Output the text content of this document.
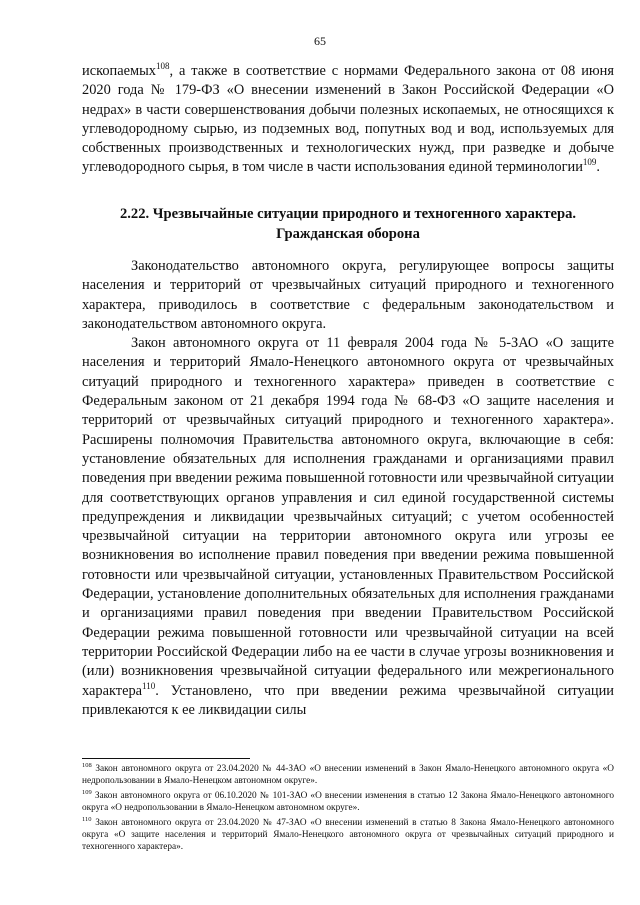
65

ископаемых$^{108}$, а также в соответствие с нормами Федерального закона от 08 июня 2020 года № 179-ФЗ «О внесении изменений в Закон Российской Федерации «О недрах» в части совершенствования добычи полезных ископаемых, не относящихся к углеводородному сырью, из подземных вод, попутных вод и вод, используемых для собственных производственных и технологических нужд, при разведке и добыче углеводородного сырья, в том числе в части использования единой терминологии$^{109}$.

2.22. Чрезвычайные ситуации природного и техногенного характера.
Гражданская оборона

Законодательство автономного округа, регулирующее вопросы защиты населения и территорий от чрезвычайных ситуаций природного и техногенного характера, приводилось в соответствие с федеральным законодательством и законодательством автономного округа.

Закон автономного округа от 11 февраля 2004 года № 5-ЗАО «О защите населения и территорий Ямало-Ненецкого автономного округа от чрезвычайных ситуаций природного и техногенного характера» приведен в соответствие с Федеральным законом от 21 декабря 1994 года № 68-ФЗ «О защите населения и территорий от чрезвычайных ситуаций природного и техногенного характера». Расширены полномочия Правительства автономного округа, включающие в себя: установление обязательных для исполнения гражданами и организациями правил поведения при введении режима повышенной готовности или чрезвычайной ситуации для соответствующих органов управления и сил единой государственной системы предупреждения и ликвидации чрезвычайных ситуаций; с учетом особенностей чрезвычайной ситуации на территории автономного округа или угрозы ее возникновения во исполнение правил поведения при введении режима повышенной готовности или чрезвычайной ситуации, установленных Правительством Российской Федерации, установление дополнительных обязательных для исполнения гражданами и организациями правил поведения при введении Правительством Российской Федерации режима повышенной готовности или чрезвычайной ситуации на всей территории Российской Федерации либо на ее части в случае угрозы возникновения и (или) возникновения чрезвычайной ситуации федерального или межрегионального характера$^{110}$. Установлено, что при введении режима чрезвычайной ситуации привлекаются к ее ликвидации силы

$^{108}$ Закон автономного округа от 23.04.2020 № 44-ЗАО «О внесении изменений в Закон Ямало-Ненецкого автономного округа «О недропользовании в Ямало-Ненецком автономном округе».

$^{109}$ Закон автономного округа от 06.10.2020 № 101-ЗАО «О внесении изменения в статью 12 Закона Ямало-Ненецкого автономного округа «О недропользовании в Ямало-Ненецком автономном округе».

$^{110}$ Закон автономного округа от 23.04.2020 № 47-ЗАО «О внесении изменений в статью 8 Закона Ямало-Ненецкого автономного округа «О защите населения и территорий Ямало-Ненецкого автономного округа от чрезвычайных ситуаций природного и техногенного характера».
